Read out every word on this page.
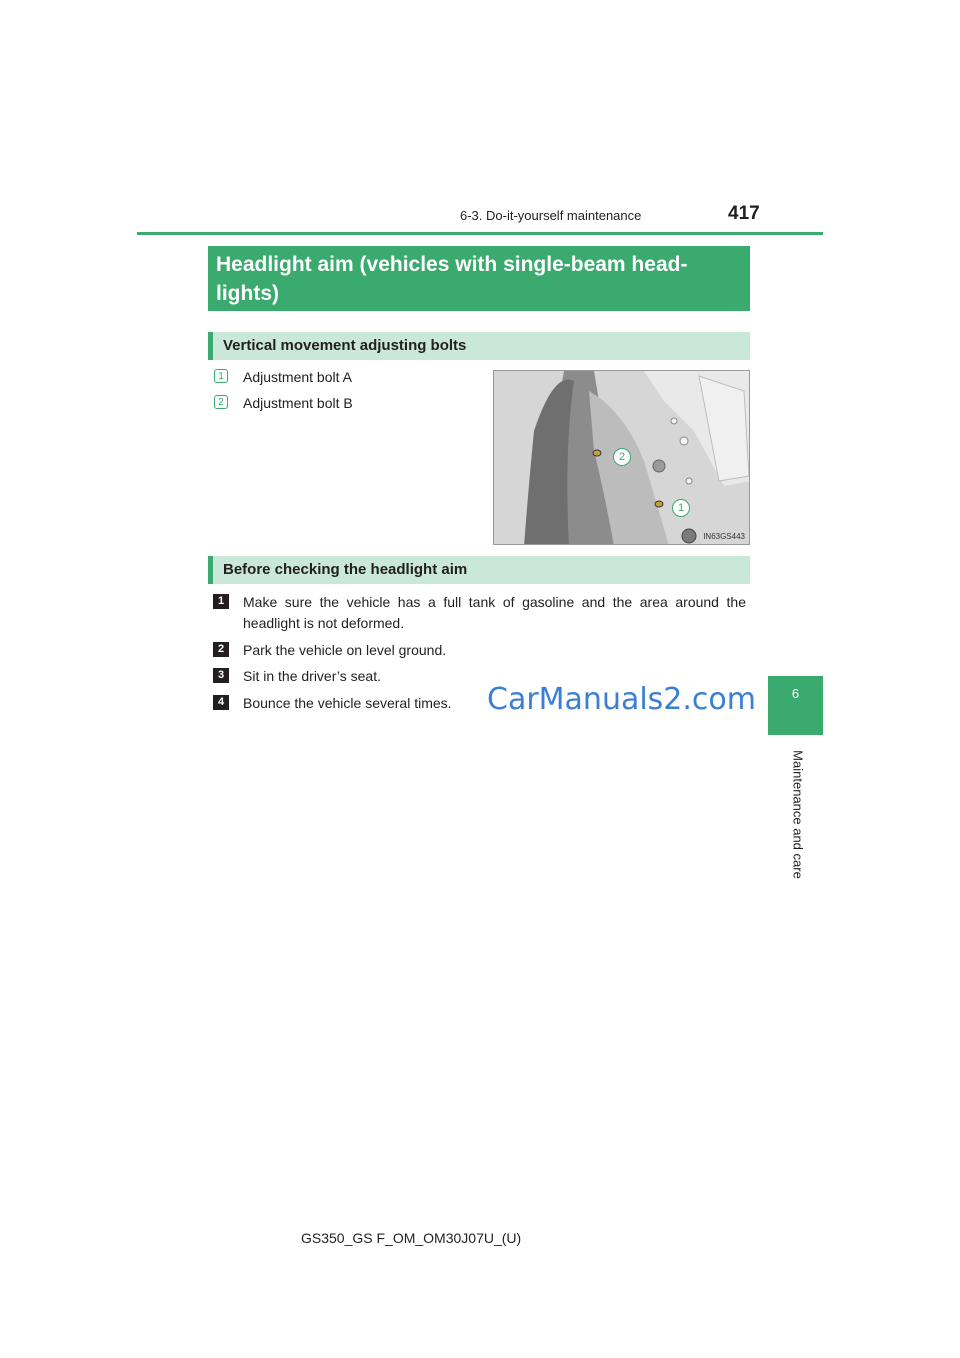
6-3. Do-it-yourself maintenance	417
6
Maintenance and care
Headlight aim (vehicles with single-beam head-
lights)
Vertical movement adjusting bolts
1	Adjustment bolt A
2	Adjustment bolt B
2
1
IN63GS443
Before checking the headlight aim
1	Make sure the vehicle has a full tank of gasoline and the area around the
headlight is not deformed.
2	Park the vehicle on level ground.
3	Sit in the driver’s seat.
4	Bounce the vehicle several times. CarManuals2.com
GS350_GS F_OM_OM30J07U_(U)
